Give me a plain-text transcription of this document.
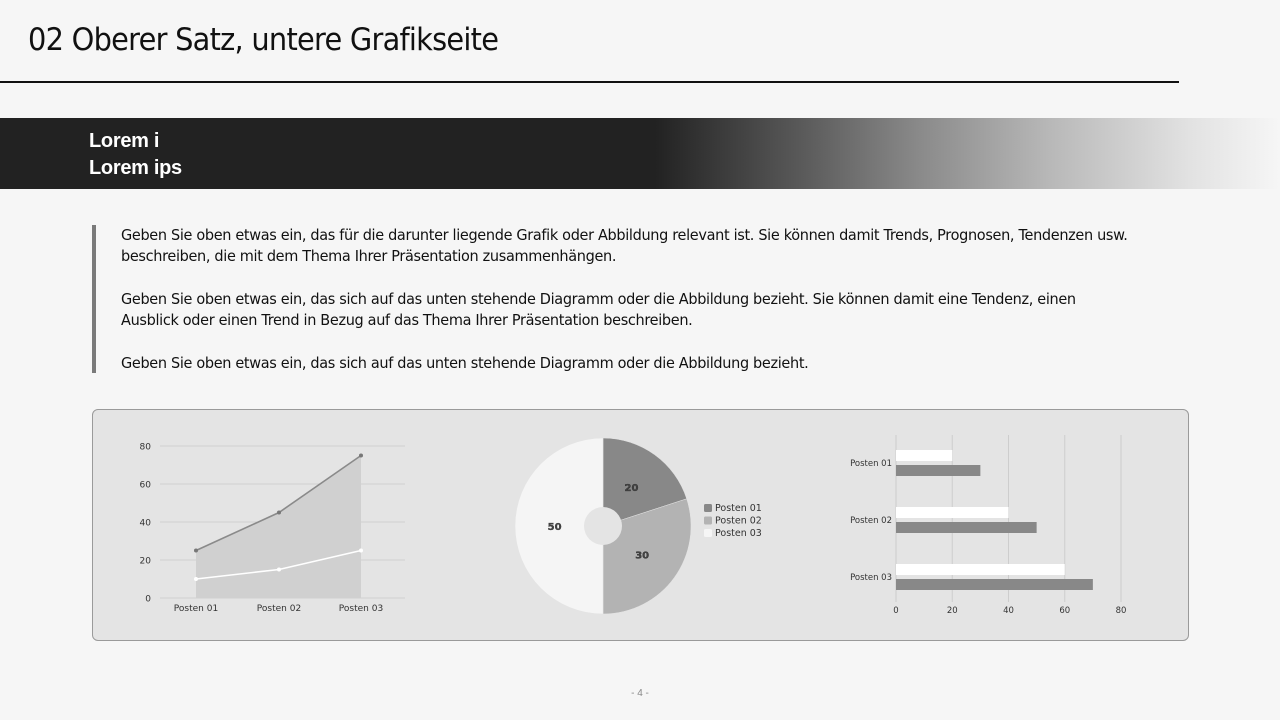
02 Oberer Satz, untere Grafikseite
Lorem i
Lorem ips

Geben Sie oben etwas ein, das für die darunter liegende Grafik oder Abbildung relevant ist. Sie können damit Trends, Prognosen, Tendenzen usw. beschreiben, die mit dem Thema Ihrer Präsentation zusammenhängen.

Geben Sie oben etwas ein, das sich auf das unten stehende Diagramm oder die Abbildung bezieht. Sie können damit eine Tendenz, einen Ausblick oder einen Trend in Bezug auf das Thema Ihrer Präsentation beschreiben.

Geben Sie oben etwas ein, das sich auf das unten stehende Diagramm oder die Abbildung bezieht.

0
20
40
60
80
Posten 01	Posten 02	Posten 03
20
30
50
Posten 01
Posten 02
Posten 03
0	20	40	60	80
Posten 01
Posten 02
Posten 03
- 4 -
